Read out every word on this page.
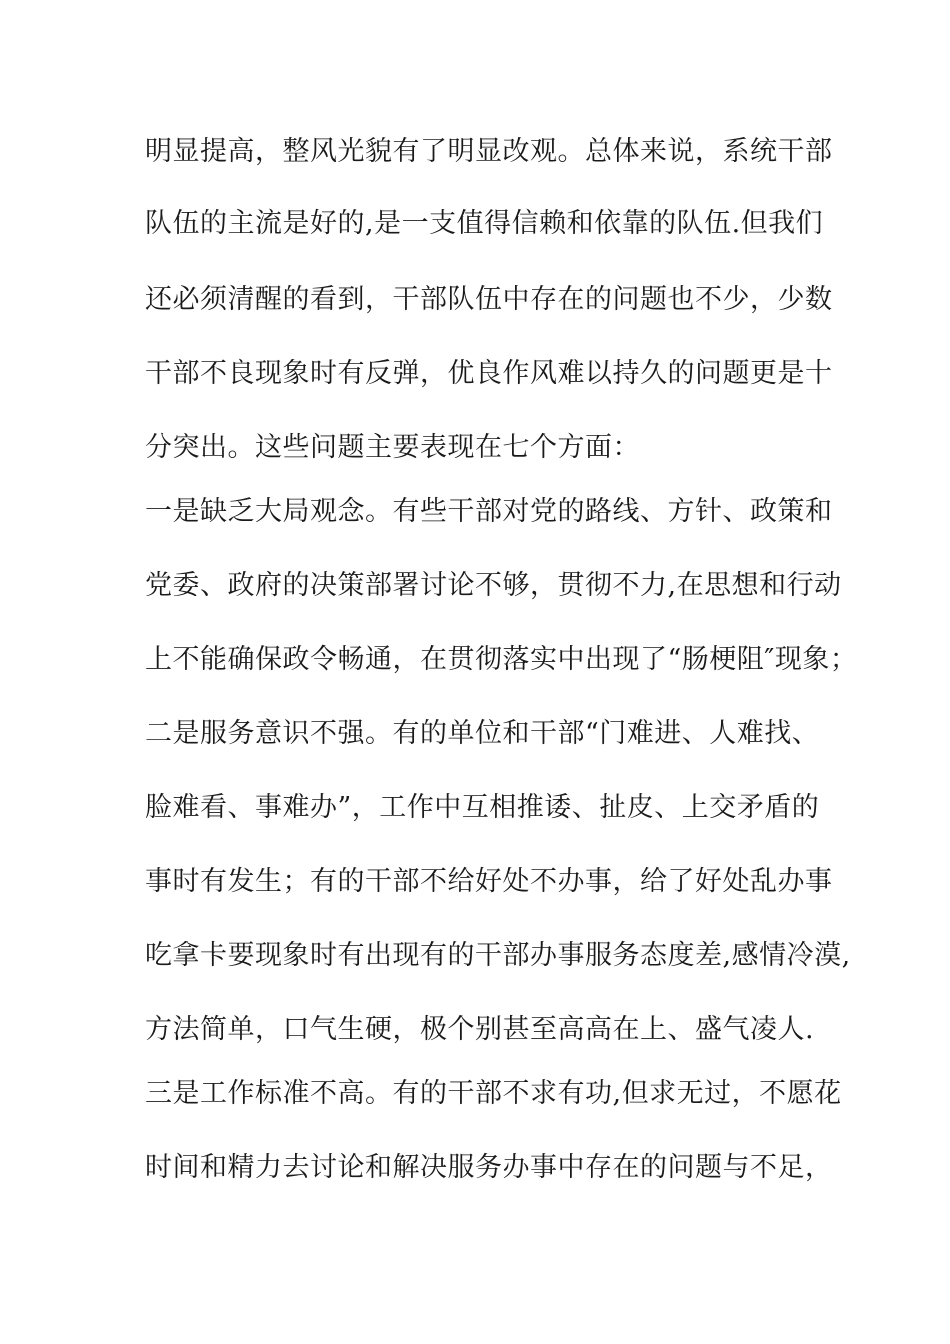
明显提高，整风光貌有了明显改观。总体来说，系统干部
队伍的主流是好的,是一支值得信赖和依靠的队伍.但我们
还必须清醒的看到，干部队伍中存在的问题也不少，少数
干部不良现象时有反弹，优良作风难以持久的问题更是十
分突出。这些问题主要表现在七个方面：
一是缺乏大局观念。有些干部对党的路线、方针、政策和
党委、政府的决策部署讨论不够，贯彻不力,在思想和行动
上不能确保政令畅通，在贯彻落实中出现了“肠梗阻″现象；
二是服务意识不强。有的单位和干部“门难进、人难找、
脸难看、事难办”，工作中互相推诿、扯皮、上交矛盾的
事时有发生；有的干部不给好处不办事，给了好处乱办事
吃拿卡要现象时有出现有的干部办事服务态度差,感情冷漠,
方法简单，口气生硬，极个别甚至高高在上、盛气凌人.
三是工作标准不高。有的干部不求有功,但求无过，不愿花
时间和精力去讨论和解决服务办事中存在的问题与不足，
